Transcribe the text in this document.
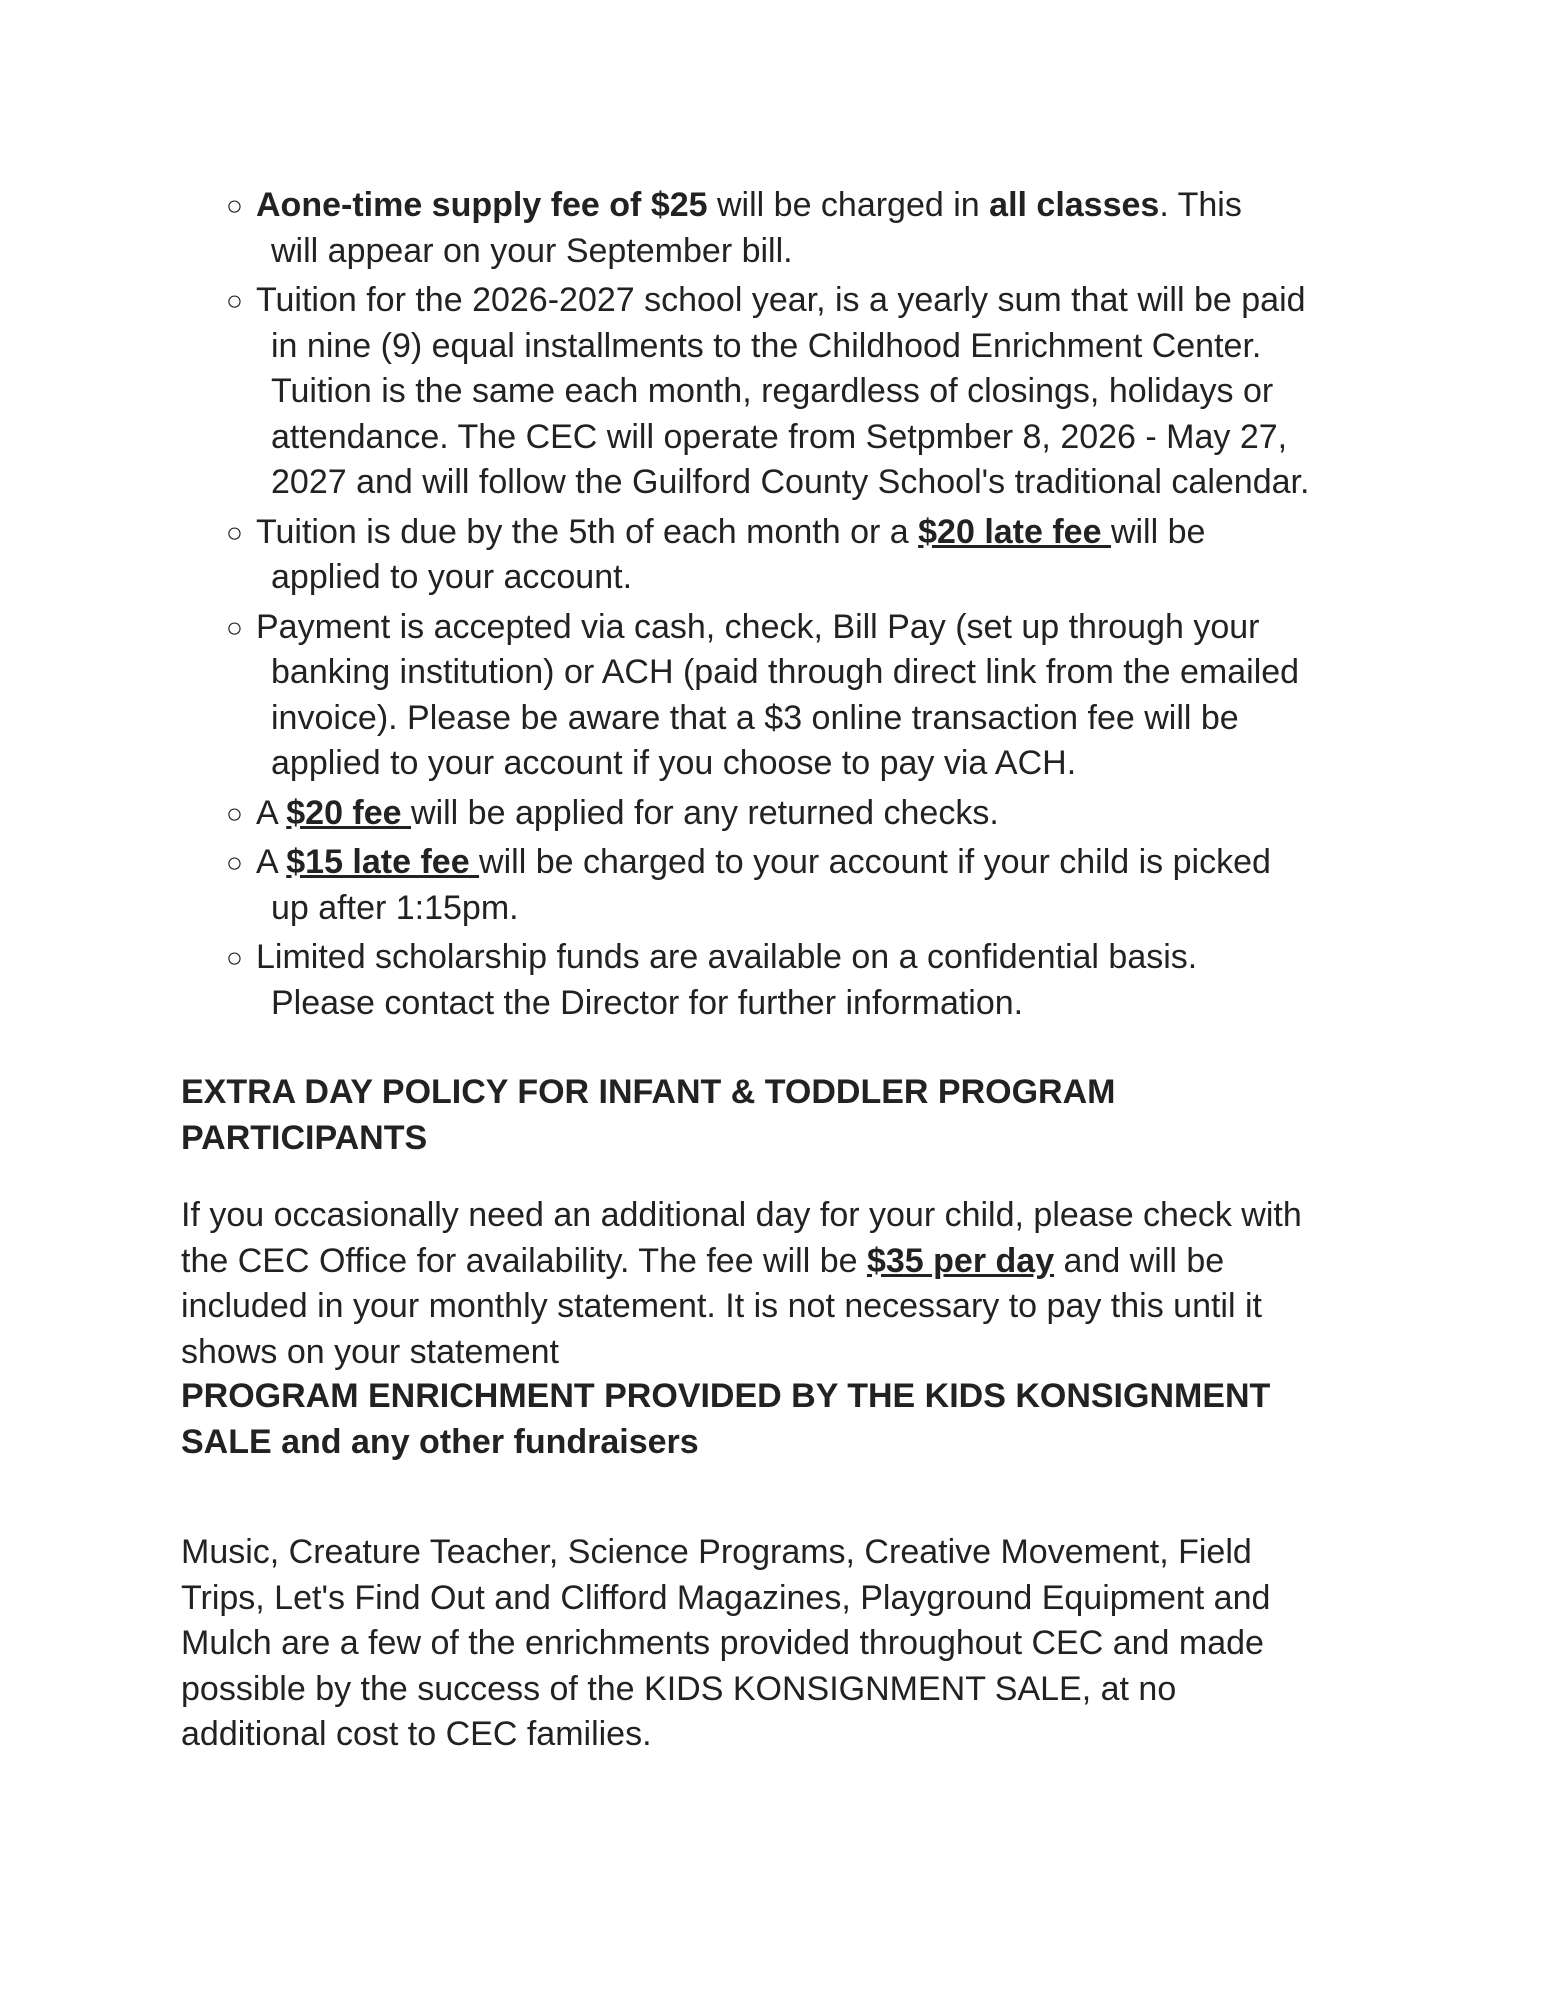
○ Aone-time supply fee of $25 will be charged in all classes. This
will appear on your September bill.
○ Tuition for the 2026-2027 school year, is a yearly sum that will be paid
in nine (9) equal installments to the Childhood Enrichment Center.
Tuition is the same each month, regardless of closings, holidays or
attendance. The CEC will operate from Setpmber 8, 2026 - May 27,
2027 and will follow the Guilford County School's traditional calendar.
○ Tuition is due by the 5th of each month or a $20 late fee will be
applied to your account.
○ Payment is accepted via cash, check, Bill Pay (set up through your
banking institution) or ACH (paid through direct link from the emailed
invoice). Please be aware that a $3 online transaction fee will be
applied to your account if you choose to pay via ACH.
○ A $20 fee will be applied for any returned checks.
○ A $15 late fee will be charged to your account if your child is picked
up after 1:15pm.
○ Limited scholarship funds are available on a confidential basis.
Please contact the Director for further information.
EXTRA DAY POLICY FOR INFANT & TODDLER PROGRAM
PARTICIPANTS
If you occasionally need an additional day for your child, please check with
the CEC Office for availability. The fee will be $35 per day and will be
included in your monthly statement. It is not necessary to pay this until it
shows on your statement
PROGRAM ENRICHMENT PROVIDED BY THE KIDS KONSIGNMENT
SALE and any other fundraisers
Music, Creature Teacher, Science Programs, Creative Movement, Field
Trips, Let's Find Out and Clifford Magazines, Playground Equipment and
Mulch are a few of the enrichments provided throughout CEC and made
possible by the success of the KIDS KONSIGNMENT SALE, at no
additional cost to CEC families.
